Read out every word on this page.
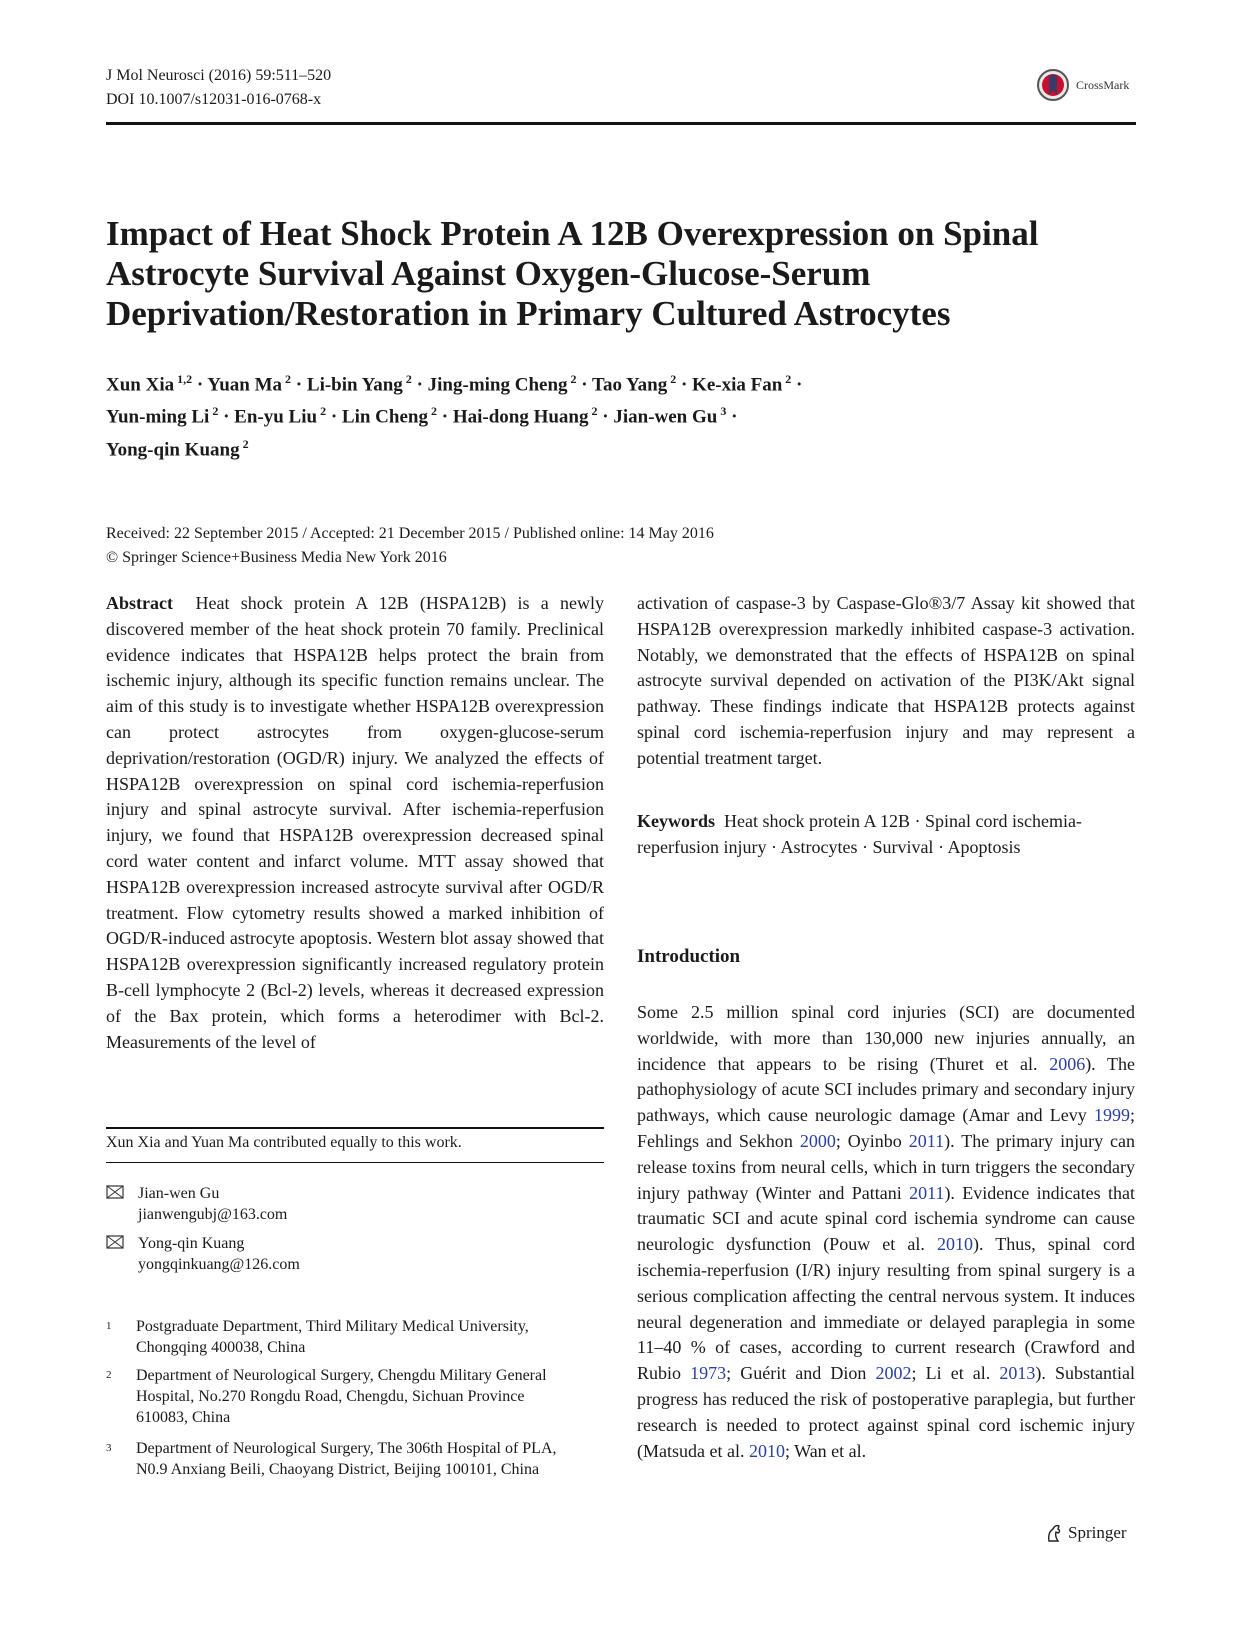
J Mol Neurosci (2016) 59:511–520
DOI 10.1007/s12031-016-0768-x
CrossMark
Impact of Heat Shock Protein A 12B Overexpression on Spinal Astrocyte Survival Against Oxygen-Glucose-Serum Deprivation/Restoration in Primary Cultured Astrocytes
Xun Xia $^{1,2}$ · Yuan Ma $^2$ · Li-bin Yang $^2$ · Jing-ming Cheng $^2$ · Tao Yang $^2$ · Ke-xia Fan $^2$ ·
Yun-ming Li $^2$ · En-yu Liu $^2$ · Lin Cheng $^2$ · Hai-dong Huang $^2$ · Jian-wen Gu $^3$ ·
Yong-qin Kuang $^2$
Received: 22 September 2015 / Accepted: 21 December 2015 / Published online: 14 May 2016
© Springer Science+Business Media New York 2016
Abstract Heat shock protein A 12B (HSPA12B) is a newly discovered member of the heat shock protein 70 family. Preclinical evidence indicates that HSPA12B helps protect the brain from ischemic injury, although its specific function remains unclear. The aim of this study is to investigate whether HSPA12B overexpression can protect astrocytes from oxygen-glucose-serum deprivation/restoration (OGD/R) injury. We analyzed the effects of HSPA12B overexpression on spinal cord ischemia-reperfusion injury and spinal astrocyte survival. After ischemia-reperfusion injury, we found that HSPA12B overexpression decreased spinal cord water content and infarct volume. MTT assay showed that HSPA12B overexpression increased astrocyte survival after OGD/R treatment. Flow cytometry results showed a marked inhibition of OGD/R-induced astrocyte apoptosis. Western blot assay showed that HSPA12B overexpression significantly increased regulatory protein B-cell lymphocyte 2 (Bcl-2) levels, whereas it decreased expression of the Bax protein, which forms a heterodimer with Bcl-2. Measurements of the level of
activation of caspase-3 by Caspase-Glo®3/7 Assay kit showed that HSPA12B overexpression markedly inhibited caspase-3 activation. Notably, we demonstrated that the effects of HSPA12B on spinal astrocyte survival depended on activation of the PI3K/Akt signal pathway. These findings indicate that HSPA12B protects against spinal cord ischemia-reperfusion injury and may represent a potential treatment target.
Keywords Heat shock protein A 12B · Spinal cord ischemia-reperfusion injury · Astrocytes · Survival · Apoptosis
Introduction
Some 2.5 million spinal cord injuries (SCI) are documented worldwide, with more than 130,000 new injuries annually, an incidence that appears to be rising (Thuret et al. 2006). The pathophysiology of acute SCI includes primary and secondary injury pathways, which cause neurologic damage (Amar and Levy 1999; Fehlings and Sekhon 2000; Oyinbo 2011). The primary injury can release toxins from neural cells, which in turn triggers the secondary injury pathway (Winter and Pattani 2011). Evidence indicates that traumatic SCI and acute spinal cord ischemia syndrome can cause neurologic dysfunction (Pouw et al. 2010). Thus, spinal cord ischemia-reperfusion (I/R) injury resulting from spinal surgery is a serious complication affecting the central nervous system. It induces neural degeneration and immediate or delayed paraplegia in some 11–40 % of cases, according to current research (Crawford and Rubio 1973; Guérit and Dion 2002; Li et al. 2013). Substantial progress has reduced the risk of postoperative paraplegia, but further research is needed to protect against spinal cord ischemic injury (Matsuda et al. 2010; Wan et al.
Xun Xia and Yuan Ma contributed equally to this work.
Jian-wen Gu
jianwengubj@163.com
Yong-qin Kuang
yongqinkuang@126.com
1	Postgraduate Department, Third Military Medical University, Chongqing 400038, China
2	Department of Neurological Surgery, Chengdu Military General Hospital, No.270 Rongdu Road, Chengdu, Sichuan Province 610083, China
3	Department of Neurological Surgery, The 306th Hospital of PLA, N0.9 Anxiang Beili, Chaoyang District, Beijing 100101, China
Springer
